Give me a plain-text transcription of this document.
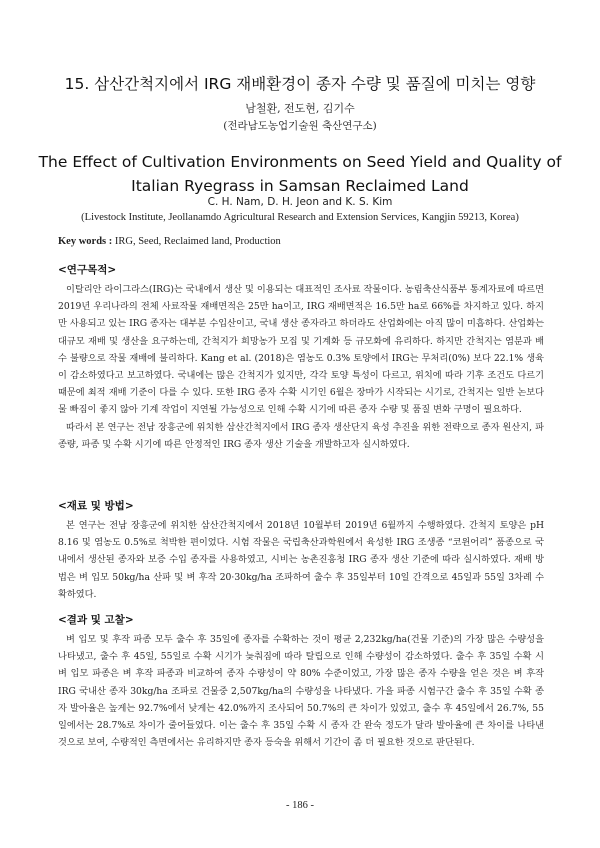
15. 삼산간척지에서 IRG 재배환경이 종자 수량 및 품질에 미치는 영향
남철환, 전도현, 김기수
(전라남도농업기술원 축산연구소)
The Effect of Cultivation Environments on Seed Yield and Quality of
Italian Ryegrass in Samsan Reclaimed Land
C. H. Nam, D. H. Jeon and K. S. Kim
(Livestock Institute, Jeollanamdo Agricultural Research and Extension Services, Kangjin 59213, Korea)
Key words : IRG, Seed, Reclaimed land, Production
<연구목적>

이탈리안 라이그라스(IRG)는 국내에서 생산 및 이용되는 대표적인 조사료 작물이다. 농림축산식품부 통계자료에 따르면 2019년 우리나라의 전체 사료작물 재배면적은 25만 ha이고, IRG 재배면적은 16.5만 ha로 66%를 차지하고 있다. 하지만 사용되고 있는 IRG 종자는 대부분 수입산이고, 국내 생산 종자라고 하더라도 산업화에는 아직 많이 미흡하다. 산업화는 대규모 재배 및 생산을 요구하는데, 간척지가 희망농가 모집 및 기계화 등 규모화에 유리하다. 하지만 간척지는 염분과 배수 불량으로 작물 재배에 불리하다. Kang et al. (2018)은 염농도 0.3% 토양에서 IRG는 무처리(0%) 보다 22.1% 생육이 감소하였다고 보고하였다. 국내에는 많은 간척지가 있지만, 각각 토양 특성이 다르고, 위치에 따라 기후 조건도 다르기 때문에 최적 재배 기준이 다를 수 있다. 또한 IRG 종자 수확 시기인 6월은 장마가 시작되는 시기로, 간척지는 일반 논보다 물 빠짐이 좋지 않아 기계 작업이 지연될 가능성으로 인해 수확 시기에 따른 종자 수량 및 품질 변화 구명이 필요하다.

따라서 본 연구는 전남 장흥군에 위치한 삼산간척지에서 IRG 종자 생산단지 육성 추진을 위한 전략으로 종자 원산지, 파종량, 파종 및 수확 시기에 따른 안정적인 IRG 종자 생산 기술을 개발하고자 실시하였다.

<재료 및 방법>

본 연구는 전남 장흥군에 위치한 삼산간척지에서 2018년 10월부터 2019년 6월까지 수행하였다. 간척지 토양은 pH 8.16 및 염농도 0.5%로 척박한 편이었다. 시험 작물은 국립축산과학원에서 육성한 IRG 조생종 “코윈어리” 품종으로 국내에서 생산된 종자와 보증 수입 종자를 사용하였고, 시비는 농촌진흥청 IRG 종자 생산 기준에 따라 실시하였다. 재배 방법은 벼 입모 50kg/ha 산파 및 벼 후작 20·30kg/ha 조파하여 출수 후 35일부터 10일 간격으로 45일과 55일 3차례 수확하였다.

<결과 및 고찰>

벼 입모 및 후작 파종 모두 출수 후 35일에 종자를 수확하는 것이 평균 2,232kg/ha(건물 기준)의 가장 많은 수량성을 나타냈고, 출수 후 45일, 55일로 수확 시기가 늦춰짐에 따라 탈립으로 인해 수량성이 감소하였다. 출수 후 35일 수확 시 벼 입모 파종은 벼 후작 파종과 비교하여 종자 수량성이 약 80% 수준이었고, 가장 많은 종자 수량을 얻은 것은 벼 후작 IRG 국내산 종자 30kg/ha 조파로 건물중 2,507kg/ha의 수량성을 나타냈다. 가을 파종 시험구간 출수 후 35일 수확 종자 발아율은 높게는 92.7%에서 낮게는 42.0%까지 조사되어 50.7%의 큰 차이가 있었고, 출수 후 45일에서 26.7%, 55일에서는 28.7%로 차이가 줄어들었다. 이는 출수 후 35일 수확 시 종자 간 완숙 정도가 달라 발아율에 큰 차이를 나타낸 것으로 보여, 수량적인 측면에서는 유리하지만 종자 등숙을 위해서 기간이 좀 더 필요한 것으로 판단된다.

- 186 -
